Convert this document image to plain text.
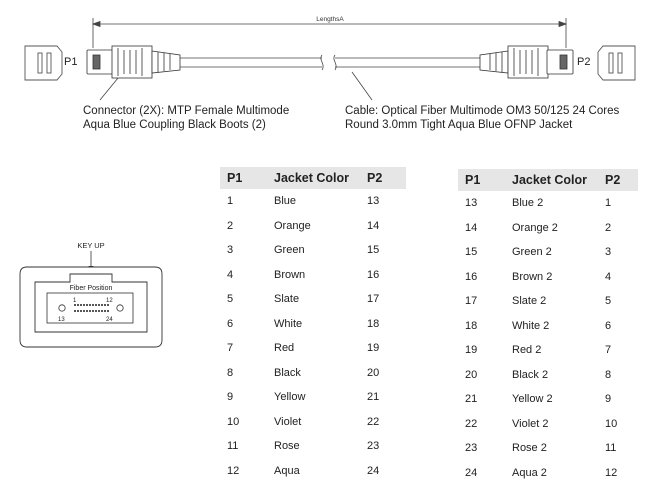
LengthsA
P1	P2
Connector (2X): MTP Female Multimode
Aqua Blue Coupling Black Boots (2)
Cable: Optical Fiber Multimode OM3 50/125 24 Cores
Round 3.0mm Tight Aqua Blue OFNP Jacket
KEY UP
Fiber Position
1	12
13	24
P1	Jacket Color	P2
1	Blue	13
2	Orange	14
3	Green	15
4	Brown	16
5	Slate	17
6	White	18
7	Red	19
8	Black	20
9	Yellow	21
10	Violet	22
11	Rose	23
12	Aqua	24
P1	Jacket Color	P2
13	Blue 2	1
14	Orange 2	2
15	Green 2	3
16	Brown 2	4
17	Slate 2	5
18	White 2	6
19	Red 2	7
20	Black 2	8
21	Yellow 2	9
22	Violet 2	10
23	Rose 2	11
24	Aqua 2	12
